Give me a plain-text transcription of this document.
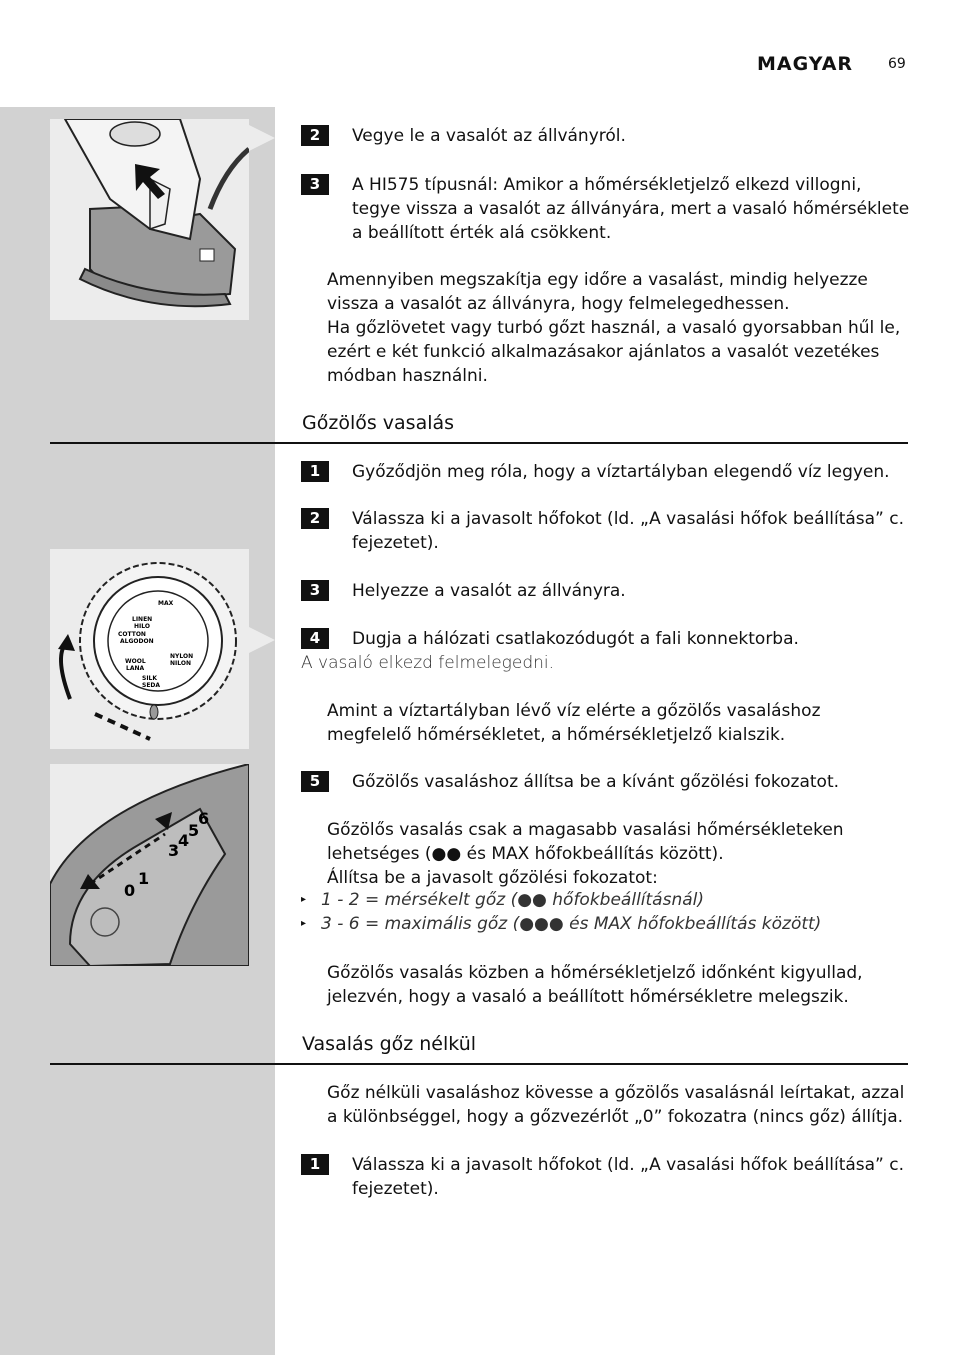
MAGYAR 69
2	Vegye le a vasalót az állványról.
3	A HI575 típusnál: Amikor a hőmérsékletjelző elkezd villogni,
tegye vissza a vasalót az állványára, mert a vasaló hőmérséklete
a beállított érték alá csökkent.
Amennyiben megszakítja egy időre a vasalást, mindig helyezze
vissza a vasalót az állványra, hogy felmelegedhessen.
Ha gőzlövetet vagy turbó gőzt használ, a vasaló gyorsabban hűl le,
ezért e két funkció alkalmazásakor ajánlatos a vasalót vezetékes
módban használni.
Gőzölős vasalás
1	Győződjön meg róla, hogy a víztartályban elegendő víz legyen.
2	Válassza ki a javasolt hőfokot (ld. „A vasalási hőfok beállítása” c.
fejezetet).
3	Helyezze a vasalót az állványra.
4	Dugja a hálózati csatlakozódugót a fali konnektorba.
A vasaló elkezd felmelegedni.
Amint a víztartályban lévő víz elérte a gőzölős vasaláshoz
megfelelő hőmérsékletet, a hőmérsékletjelző kialszik.
LINEN
HILO
COTTON
ALGODON
WOOL
LANA
NYLON
NILON
SILK
SEDA
MAX
0
1
3
4
5
6
5	Gőzölős vasaláshoz állítsa be a kívánt gőzölési fokozatot.
Gőzölős vasalás csak a magasabb vasalási hőmérsékleteken
lehetséges (●● és MAX hőfokbeállítás között).
Állítsa be a javasolt gőzölési fokozatot:
▸ 1 - 2 = mérsékelt gőz (●● hőfokbeállításnál)
▸ 3 - 6 = maximális gőz (●●● és MAX hőfokbeállítás között)
Gőzölős vasalás közben a hőmérsékletjelző időnként kigyullad,
jelezvén, hogy a vasaló a beállított hőmérsékletre melegszik.
Vasalás gőz nélkül
Gőz nélküli vasaláshoz kövesse a gőzölős vasalásnál leírtakat, azzal
a különbséggel, hogy a gőzvezérlőt „0” fokozatra (nincs gőz) állítja.
1	Válassza ki a javasolt hőfokot (ld. „A vasalási hőfok beállítása” c.
fejezetet).
